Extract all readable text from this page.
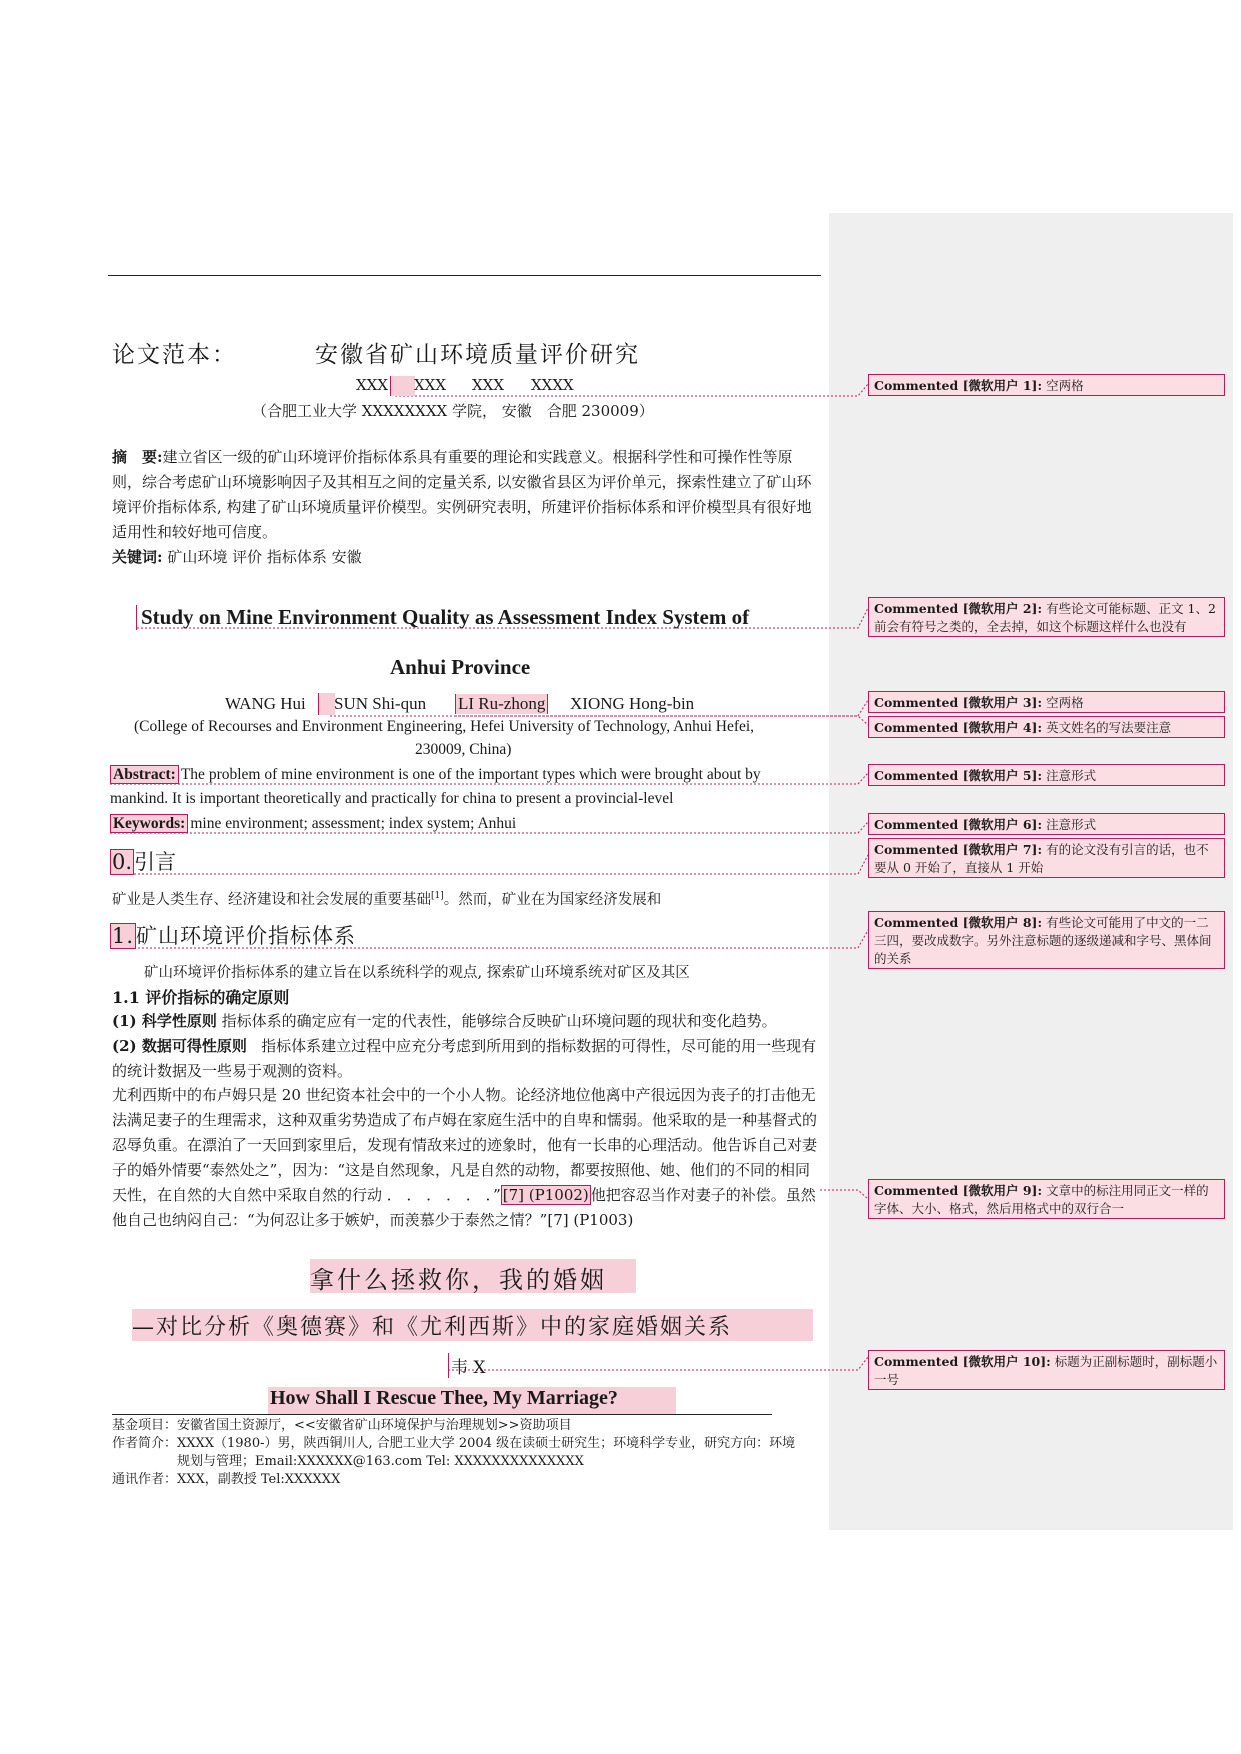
论文范本：	安徽省矿山环境质量评价研究
XXX XXX XXX XXXX
（合肥工业大学 XXXXXXXX 学院， 安徽　合肥 230009）
摘　要:建立省区一级的矿山环境评价指标体系具有重要的理论和实践意义。根据科学性和可操作性等原则，综合考虑矿山环境影响因子及其相互之间的定量关系, 以安徽省县区为评价单元，探索性建立了矿山环境评价指标体系, 构建了矿山环境质量评价模型。实例研究表明，所建评价指标体系和评价模型具有很好地适用性和较好地可信度。
关键词: 矿山环境 评价 指标体系 安徽
Study on Mine Environment Quality as Assessment Index System of
Anhui Province
WANG Hui SUN Shi-qun LI Ru-zhong XIONG Hong-bin
(College of Recourses and Environment Engineering, Hefei University of Technology, Anhui Hefei,
230009, China)
Abstract: The problem of mine environment is one of the important types which were brought about by
mankind. It is important theoretically and practically for china to present a provincial-level
Keywords: mine environment; assessment; index system; Anhui
0.引言
矿业是人类生存、经济建设和社会发展的重要基础[1]。然而，矿业在为国家经济发展和
1.矿山环境评价指标体系
矿山环境评价指标体系的建立旨在以系统科学的观点, 探索矿山环境系统对矿区及其区
1.1 评价指标的确定原则
(1) 科学性原则 指标体系的确定应有一定的代表性，能够综合反映矿山环境问题的现状和变化趋势。
(2) 数据可得性原则 指标体系建立过程中应充分考虑到所用到的指标数据的可得性，尽可能的用一些现有的统计数据及一些易于观测的资料。
尤利西斯中的布卢姆只是 20 世纪资本社会中的一个小人物。论经济地位他离中产很远因为丧子的打击他无法满足妻子的生理需求，这种双重劣势造成了布卢姆在家庭生活中的自卑和懦弱。他采取的是一种基督式的忍辱负重。在漂泊了一天回到家里后，发现有情敌来过的迹象时，他有一长串的心理活动。他告诉自己对妻子的婚外情要“泰然处之”，因为：“这是自然现象，凡是自然的动物，都要按照他、她、他们的不同的相同天性，在自然的大自然中采取自然的行动 ． ． ． ． ． ．” [7] (P1002) 他把容忍当作对妻子的补偿。虽然他自己也纳闷自己：“为何忍让多于嫉妒，而羡慕少于泰然之情？”[7] (P1003)
拿什么拯救你，我的婚姻
—对比分析《奥德赛》和《尤利西斯》中的家庭婚姻关系
韦 X
How Shall I Rescue Thee, My Marriage?
基金项目：安徽省国土资源厅，<<安徽省矿山环境保护与治理规划>>资助项目
作者简介：XXXX（1980-）男，陕西铜川人, 合肥工业大学 2004 级在读硕士研究生；环境科学专业，研究方向：环境
规划与管理；Email:XXXXXX@163.com Tel: XXXXXXXXXXXXXX
通讯作者：XXX，副教授 Tel:XXXXXX
Commented [微软用户 1]: 空两格
Commented [微软用户 2]: 有些论文可能标题、正文 1、2 前会有符号之类的，全去掉，如这个标题这样什么也没有
Commented [微软用户 3]: 空两格
Commented [微软用户 4]: 英文姓名的写法要注意
Commented [微软用户 5]: 注意形式
Commented [微软用户 6]: 注意形式
Commented [微软用户 7]: 有的论文没有引言的话，也不要从 0 开始了，直接从 1 开始
Commented [微软用户 8]: 有些论文可能用了中文的一二三四，要改成数字。另外注意标题的逐级递减和字号、黑体间的关系
Commented [微软用户 9]: 文章中的标注用同正文一样的字体、大小、格式，然后用格式中的双行合一
Commented [微软用户 10]: 标题为正副标题时，副标题小一号
